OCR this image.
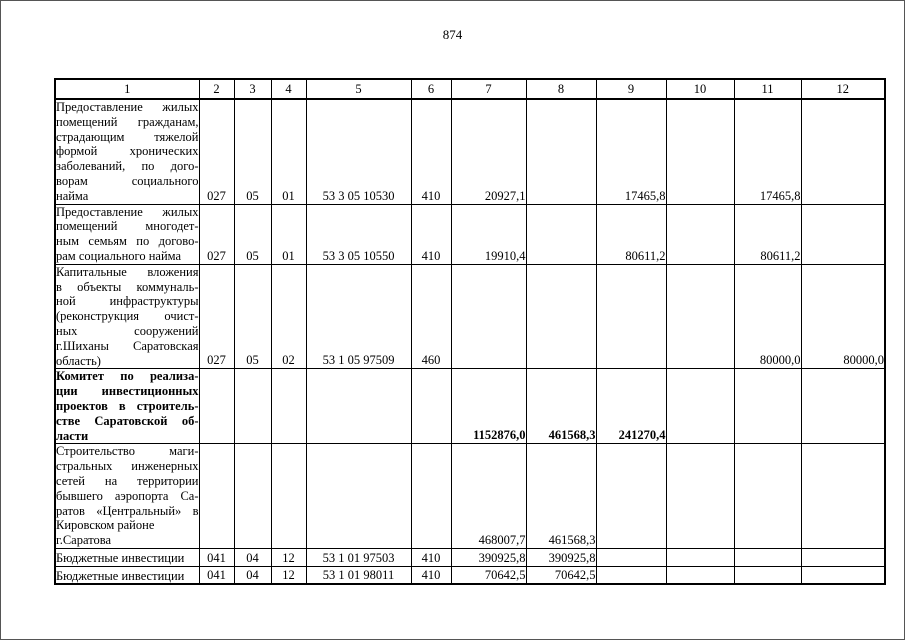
874
1	2	3	4	5	6	7	8	9	10	11	12

Предоставление жилых
помещений гражданам,
страдающим тяжелой
формой хронических
заболеваний, по дого-
ворам социального
найма	027	05	01	53 3 05 10530	410	20927,1		17465,8		17465,8	

Предоставление жилых
помещений многодет-
ным семьям по догово-
рам социального найма	027	05	01	53 3 05 10550	410	19910,4		80611,2		80611,2	

Капитальные вложения
в объекты коммуналь-
ной инфраструктуры
(реконструкция очист-
ных сооружений
г.Шиханы Саратовская
область)	027	05	02	53 1 05 97509	460					80000,0	80000,0

Комитет по реализа-
ции инвестиционных
проектов в строитель-
стве Саратовской об-
ласти						1152876,0	461568,3	241270,4			

Строительство маги-
стральных инженерных
сетей на территории
бывшего аэропорта Са-
ратов «Центральный» в
Кировском районе
г.Саратова						468007,7	461568,3				

Бюджетные инвестиции	041	04	12	53 1 01 97503	410	390925,8	390925,8				

Бюджетные инвестиции	041	04	12	53 1 01 98011	410	70642,5	70642,5				
